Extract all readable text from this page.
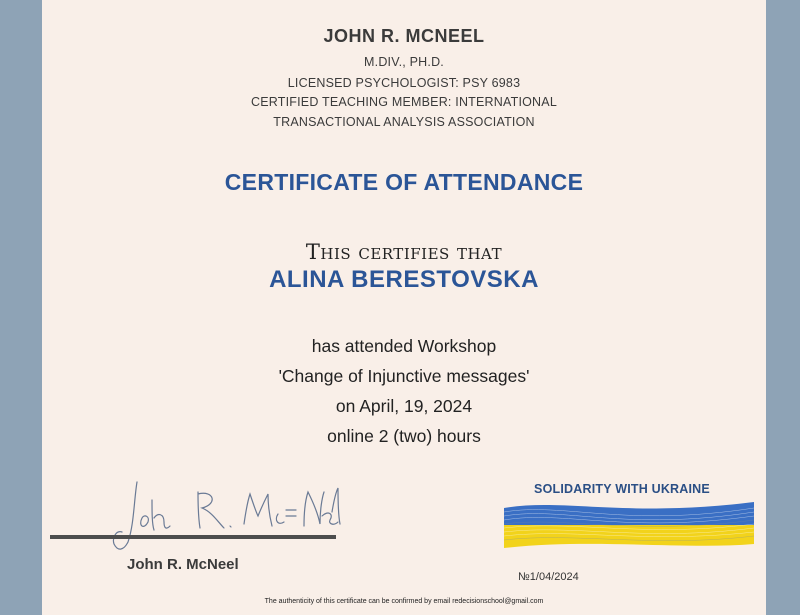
JOHN R. MCNEEL
M.DIV., PH.D.
LICENSED PSYCHOLOGIST: PSY 6983
CERTIFIED TEACHING MEMBER: INTERNATIONAL
TRANSACTIONAL ANALYSIS ASSOCIATION
CERTIFICATE OF ATTENDANCE
This certifies that
ALINA BERESTOVSKA
has attended Workshop
'Change of Injunctive messages'
on April, 19, 2024
online 2 (two) hours
John R. McNeel
SOLIDARITY WITH UKRAINE
№1/04/2024
The authenticity of this certificate can be confirmed by email redecisionschool@gmail.com
